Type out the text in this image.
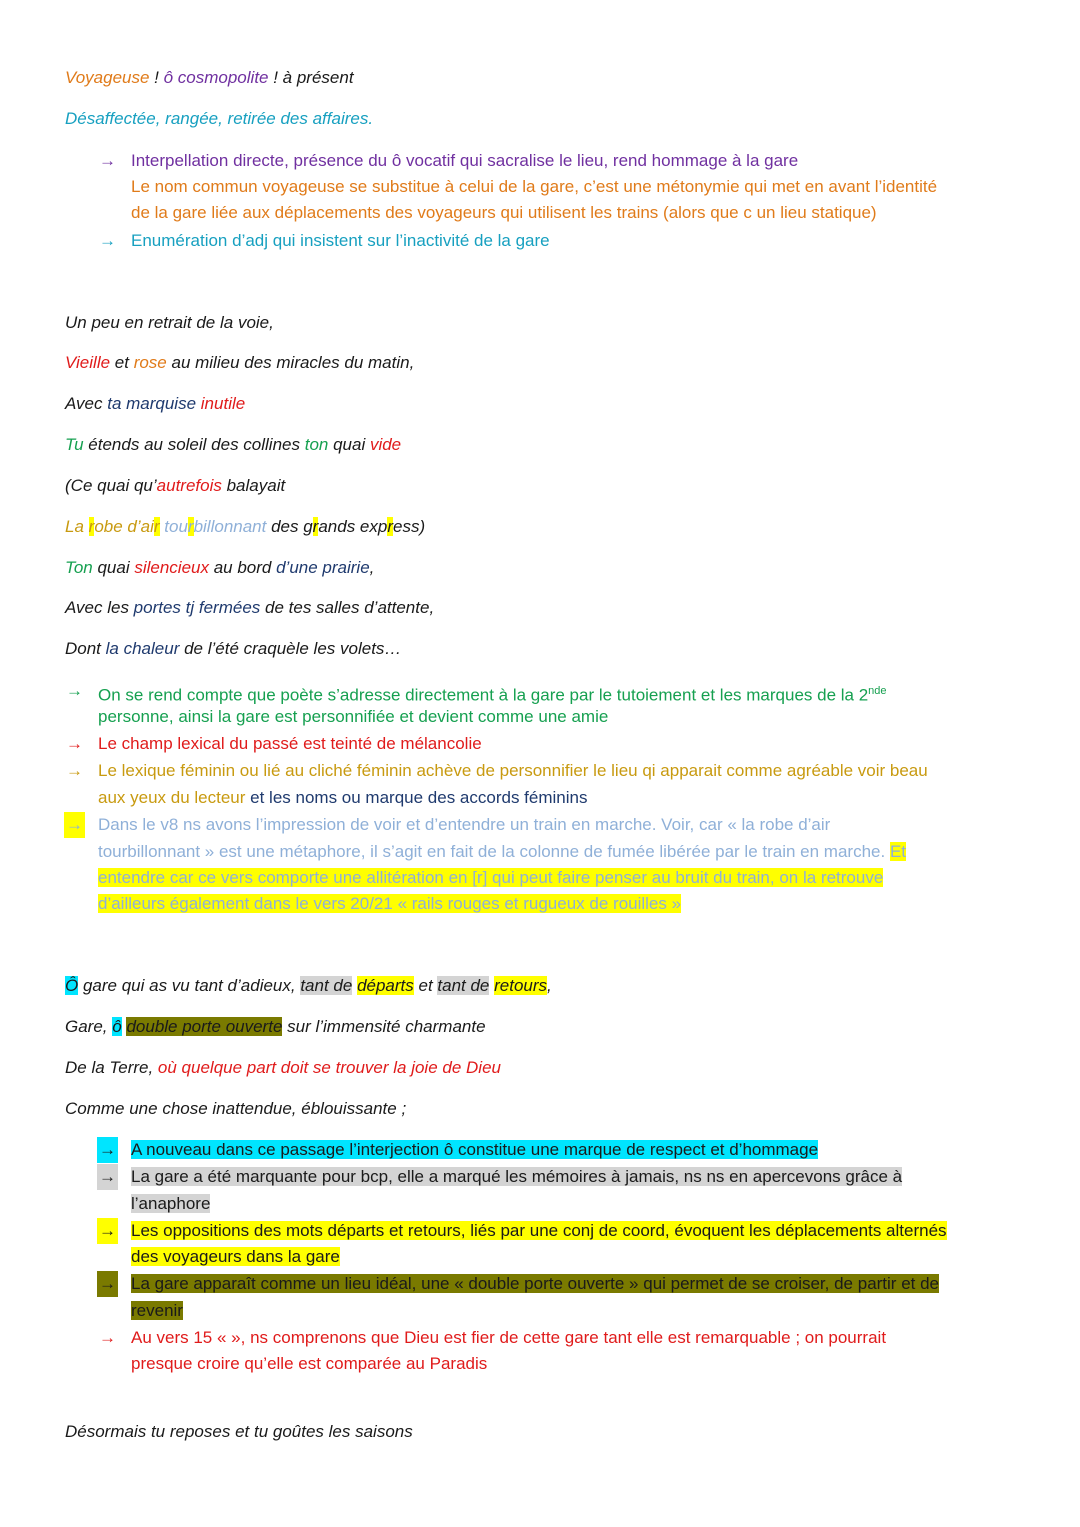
Voyageuse ! ô cosmopolite ! à présent
Désaffectée, rangée, retirée des affaires.
→ Interpellation directe, présence du ô vocatif qui sacralise le lieu, rend hommage à la gare
Le nom commun voyageuse se substitue à celui de la gare, c’est une métonymie qui met en avant l’identité
de la gare liée aux déplacements des voyageurs qui utilisent les trains (alors que c un lieu statique)
→ Enumération d’adj qui insistent sur l’inactivité de la gare
Un peu en retrait de la voie,
Vieille et rose au milieu des miracles du matin,
Avec ta marquise inutile
Tu étends au soleil des collines ton quai vide
(Ce quai qu’autrefois balayait
La robe d’air tourbillonnant des grands express)
Ton quai silencieux au bord d’une prairie,
Avec les portes tj fermées de tes salles d’attente,
Dont la chaleur de l’été craquèle les volets…
→ On se rend compte que poète s’adresse directement à la gare par le tutoiement et les marques de la 2nde
personne, ainsi la gare est personnifiée et devient comme une amie
→ Le champ lexical du passé est teinté de mélancolie
→ Le lexique féminin ou lié au cliché féminin achève de personnifier le lieu qi apparait comme agréable voir beau
aux yeux du lecteur et les noms ou marque des accords féminins
→ Dans le v8 ns avons l’impression de voir et d’entendre un train en marche. Voir, car « la robe d’air
tourbillonnant » est une métaphore, il s’agit en fait de la colonne de fumée libérée par le train en marche. Et
entendre car ce vers comporte une allitération en [r] qui peut faire penser au bruit du train, on la retrouve
d’ailleurs également dans le vers 20/21 « rails rouges et rugueux de rouilles »
Ô gare qui as vu tant d’adieux, tant de départs et tant de retours,
Gare, ô double porte ouverte sur l’immensité charmante
De la Terre, où quelque part doit se trouver la joie de Dieu
Comme une chose inattendue, éblouissante ;
→ A nouveau dans ce passage l’interjection ô constitue une marque de respect et d’hommage
→ La gare a été marquante pour bcp, elle a marqué les mémoires à jamais, ns ns en apercevons grâce à
l’anaphore
→ Les oppositions des mots départs et retours, liés par une conj de coord, évoquent les déplacements alternés
des voyageurs dans la gare
→ La gare apparaît comme un lieu idéal, une « double porte ouverte » qui permet de se croiser, de partir et de
revenir
→ Au vers 15 « », ns comprenons que Dieu est fier de cette gare tant elle est remarquable ; on pourrait
presque croire qu’elle est comparée au Paradis
Désormais tu reposes et tu goûtes les saisons
